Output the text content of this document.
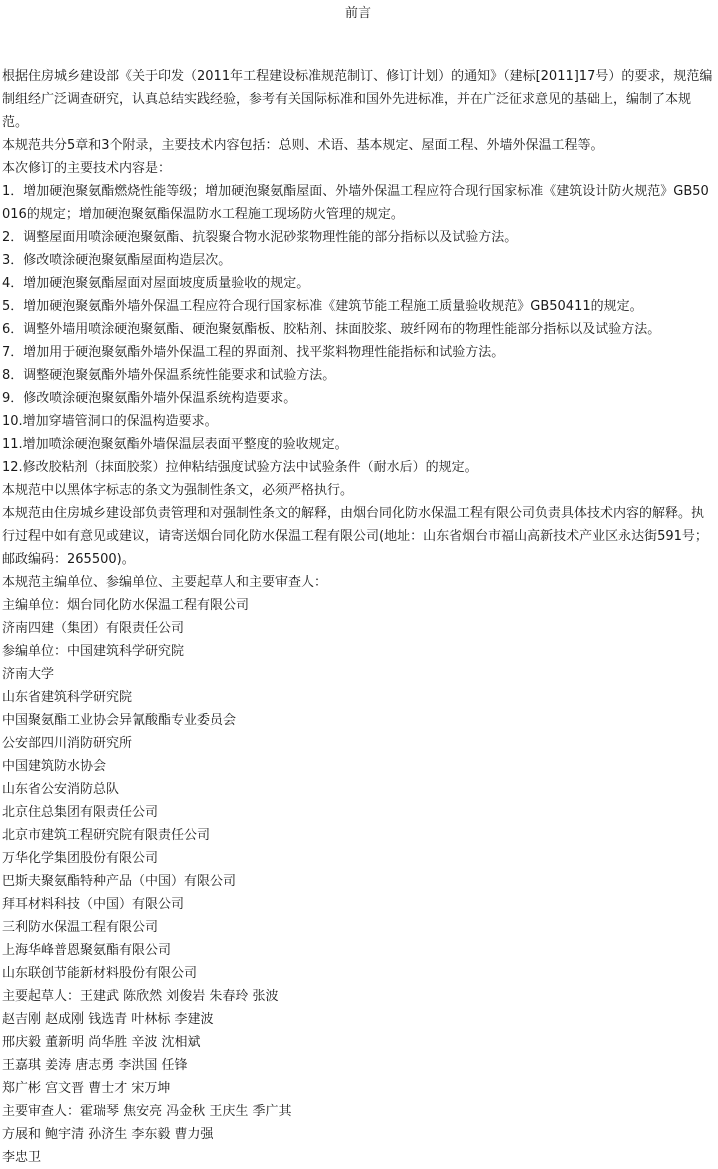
前言

根据住房城乡建设部《关于印发（2011年工程建设标准规范制订、修订计划）的通知》（建标[2011]17号）的要求，规范编制组经广泛调查研究，认真总结实践经验，参考有关国际标准和国外先进标准，并在广泛征求意见的基础上，编制了本规范。

本规范共分5章和3个附录，主要技术内容包括：总则、术语、基本规定、屋面工程、外墙外保温工程等。

本次修订的主要技术内容是：

1．增加硬泡聚氨酯燃烧性能等级；增加硬泡聚氨酯屋面、外墙外保温工程应符合现行国家标准《建筑设计防火规范》GB50016的规定；增加硬泡聚氨酯保温防水工程施工现场防火管理的规定。

2．调整屋面用喷涂硬泡聚氨酯、抗裂聚合物水泥砂浆物理性能的部分指标以及试验方法。

3．修改喷涂硬泡聚氨酯屋面构造层次。

4．增加硬泡聚氨酯屋面对屋面坡度质量验收的规定。

5．增加硬泡聚氨酯外墙外保温工程应符合现行国家标准《建筑节能工程施工质量验收规范》GB50411的规定。

6．调整外墙用喷涂硬泡聚氨酯、硬泡聚氨酯板、胶粘剂、抹面胶浆、玻纤网布的物理性能部分指标以及试验方法。

7．增加用于硬泡聚氨酯外墙外保温工程的界面剂、找平浆料物理性能指标和试验方法。

8．调整硬泡聚氨酯外墙外保温系统性能要求和试验方法。

9．修改喷涂硬泡聚氨酯外墙外保温系统构造要求。

10.增加穿墙管洞口的保温构造要求。

11.增加喷涂硬泡聚氨酯外墙保温层表面平整度的验收规定。

12.修改胶粘剂（抹面胶浆）拉伸粘结强度试验方法中试验条件（耐水后）的规定。

本规范中以黑体字标志的条文为强制性条文，必须严格执行。

本规范由住房城乡建设部负责管理和对强制性条文的解释，由烟台同化防水保温工程有限公司负责具体技术内容的解释。执行过程中如有意见或建议，请寄送烟台同化防水保温工程有限公司(地址：山东省烟台市福山高新技术产业区永达街591号；邮政编码：265500)。

本规范主编单位、参编单位、主要起草人和主要审查人：

主编单位：烟台同化防水保温工程有限公司

济南四建（集团）有限责任公司

参编单位：中国建筑科学研究院

济南大学

山东省建筑科学研究院

中国聚氨酯工业协会异氰酸酯专业委员会

公安部四川消防研究所

中国建筑防水协会

山东省公安消防总队

北京住总集团有限责任公司

北京市建筑工程研究院有限责任公司

万华化学集团股份有限公司

巴斯夫聚氨酯特种产品（中国）有限公司

拜耳材料科技（中国）有限公司

三利防水保温工程有限公司

上海华峰普恩聚氨酯有限公司

山东联创节能新材料股份有限公司

主要起草人：王建武 陈欣然 刘俊岩 朱春玲 张波

赵吉刚 赵成刚 钱选青 叶林标 李建波

邢庆毅 董新明 尚华胜 辛波 沈相斌

王嘉琪 姜涛 唐志勇 李洪国 任锋

郑广彬 宫文晋 曹士才 宋万坤

主要审查人：霍瑞琴 焦安亮 冯金秋 王庆生 季广其

方展和 鲍宇清 孙济生 李东毅 曹力强

李忠卫
